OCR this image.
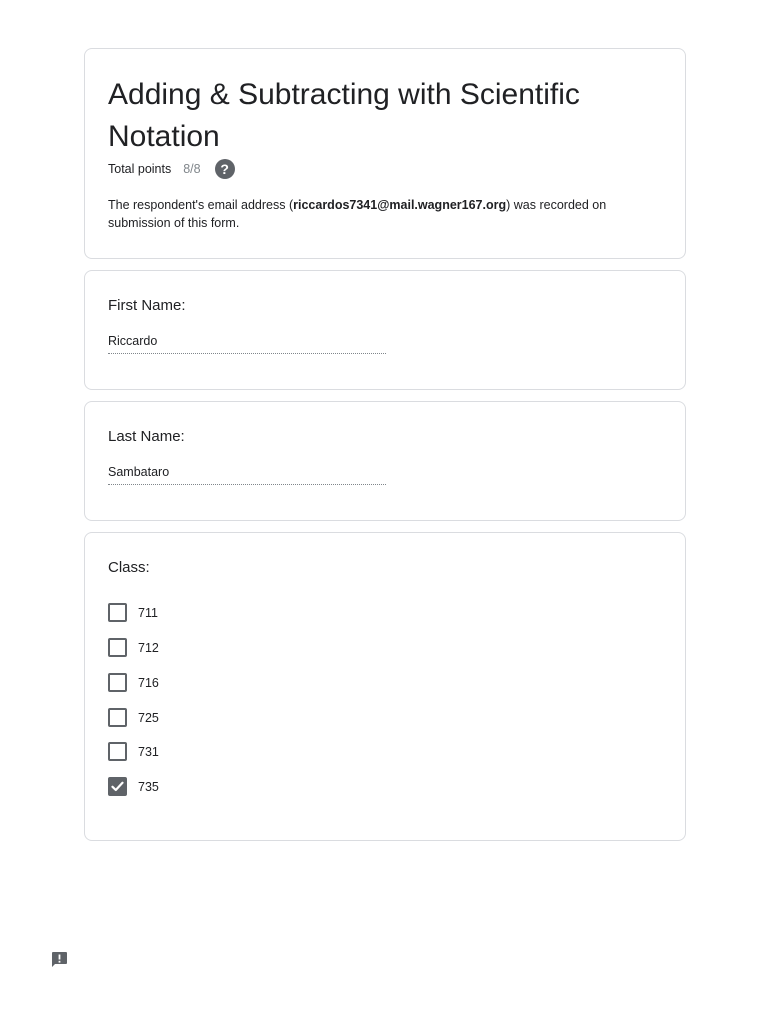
Adding & Subtracting with Scientific Notation
Total points 8/8	?

The respondent's email address (riccardos7341@mail.wagner167.org) was recorded on submission of this form.

First Name:
Riccardo
Last Name:
Sambataro
Class:
711
712
716
725
731
735
